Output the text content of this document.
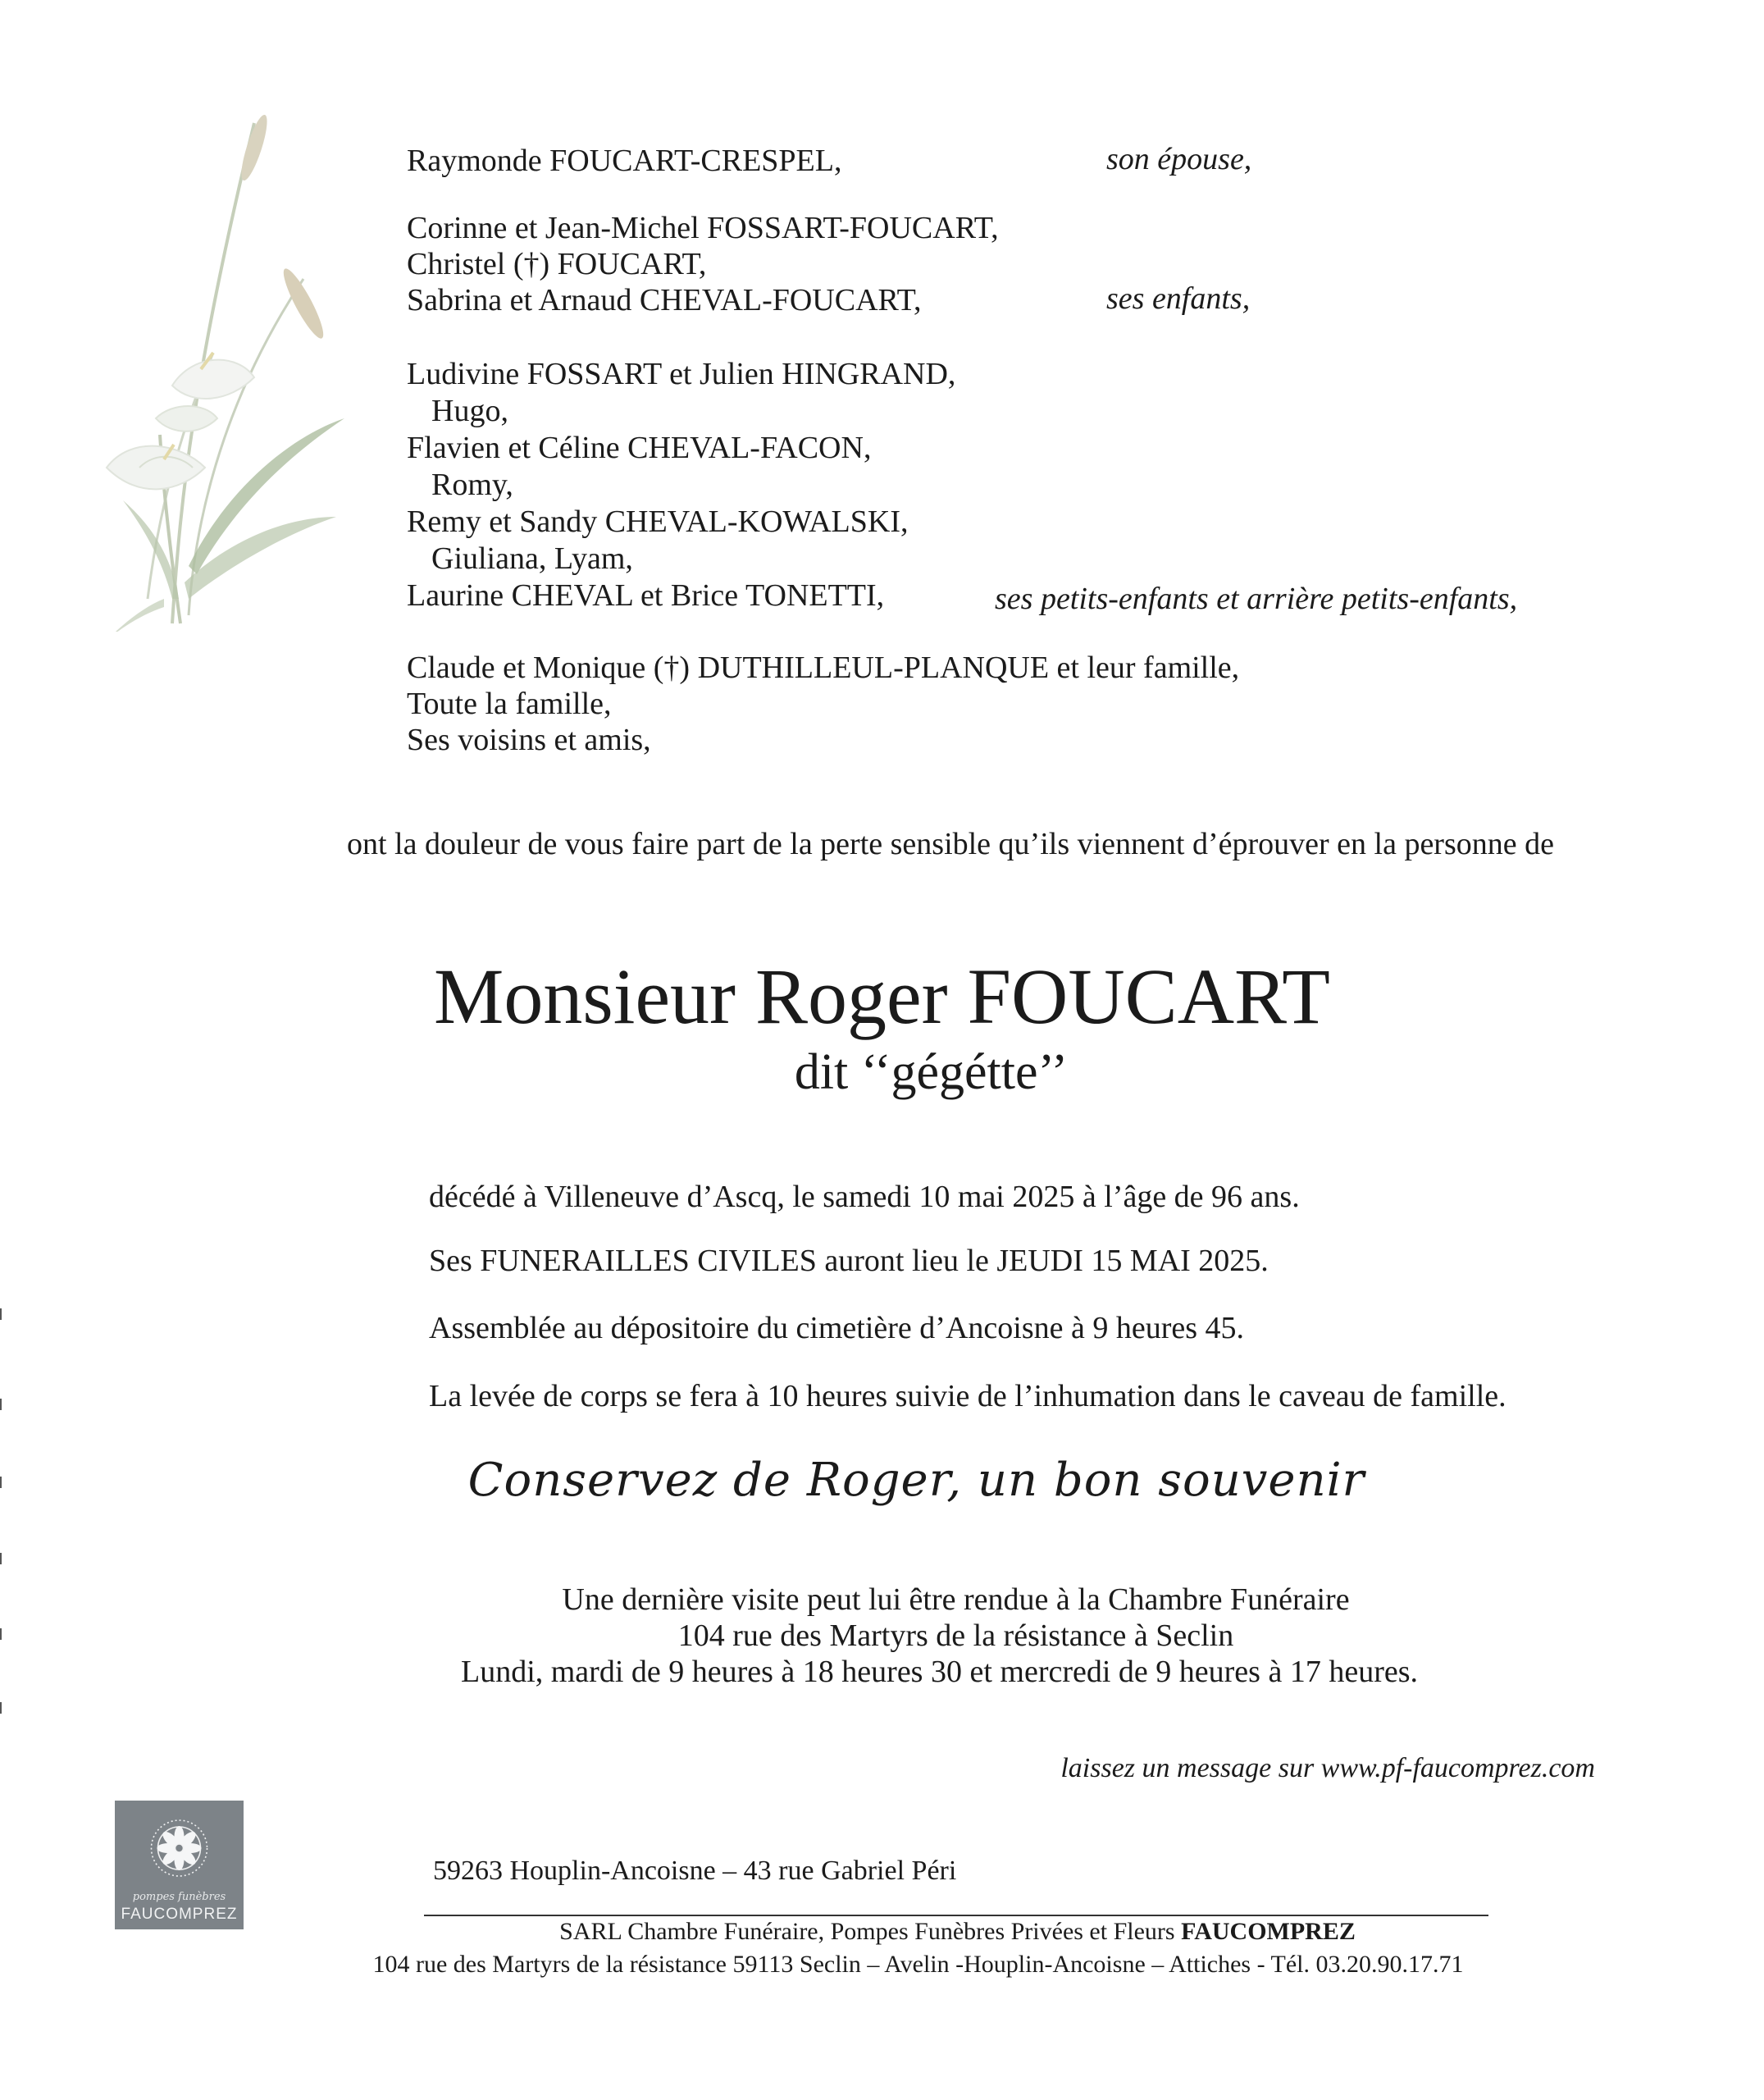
Raymonde FOUCART-CRESPEL,	son épouse,
Corinne et Jean-Michel FOSSART-FOUCART,
Christel (†) FOUCART,
Sabrina et Arnaud CHEVAL-FOUCART,	ses enfants,
Ludivine FOSSART et Julien HINGRAND,
Hugo,
Flavien et Céline CHEVAL-FACON,
Romy,
Remy et Sandy CHEVAL-KOWALSKI,
Giuliana, Lyam,
Laurine CHEVAL et Brice TONETTI,	ses petits-enfants et arrière petits-enfants,
Claude et Monique (†) DUTHILLEUL-PLANQUE et leur famille,
Toute la famille,
Ses voisins et amis,
ont la douleur de vous faire part de la perte sensible qu’ils viennent d’éprouver en la personne de
Monsieur Roger FOUCART
dit ‘‘gégétte’’
décédé à Villeneuve d’Ascq, le samedi 10 mai 2025 à l’âge de 96 ans.
Ses FUNERAILLES CIVILES auront lieu le JEUDI 15 MAI 2025.
Assemblée au dépositoire du cimetière d’Ancoisne à 9 heures 45.
La levée de corps se fera à 10 heures suivie de l’inhumation dans le caveau de famille.
Conservez de Roger, un bon souvenir
Une dernière visite peut lui être rendue à la Chambre Funéraire
104 rue des Martyrs de la résistance à Seclin
Lundi, mardi de 9 heures à 18 heures 30 et mercredi de 9 heures à 17 heures.
laissez un message sur www.pf-faucomprez.com
pompes funèbres
FAUCOMPREZ
59263 Houplin-Ancoisne – 43 rue Gabriel Péri
SARL Chambre Funéraire, Pompes Funèbres Privées et Fleurs FAUCOMPREZ
104 rue des Martyrs de la résistance 59113 Seclin – Avelin -Houplin-Ancoisne – Attiches - Tél. 03.20.90.17.71
